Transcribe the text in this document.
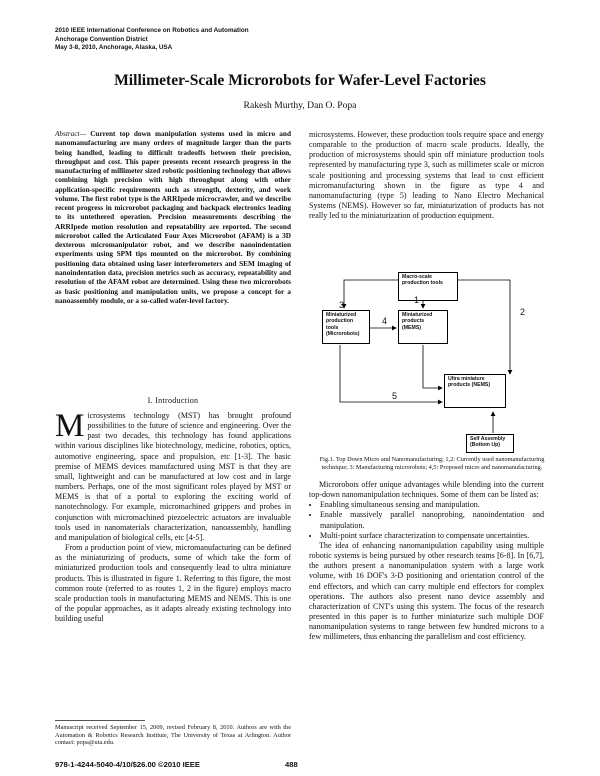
2010 IEEE International Conference on Robotics and Automation
Anchorage Convention District
May 3-8, 2010, Anchorage, Alaska, USA
Millimeter-Scale Microrobots for Wafer-Level Factories
Rakesh Murthy, Dan O. Popa
Abstract— Current top down manipulation systems used in micro and nanomanufacturing are many orders of magnitude larger than the parts being handled, leading to difficult tradeoffs between their precision, throughput and cost. This paper presents recent research progress in the manufacturing of millimeter sized robotic positioning technology that allows combining high precision with high throughput along with other application-specific requirements such as strength, dexterity, and work volume. The first robot type is the ARRIpede microcrawler, and we describe recent progress in microrobot packaging and backpack electronics leading to its untethered operation. Precision measurements describing the ARRIpede motion resolution and repeatability are reported. The second microrobot called the Articulated Four Axes Microrobot (AFAM) is a 3D dexterous micromanipulator robot, and we describe nanoindentation experiments using SPM tips mounted on the microrobot. By combining positioning data obtained using laser interferometers and SEM imaging of nanoindentation data, precision metrics such as accuracy, repeatability and resolution of the AFAM robot are determined. Using these two microrobots as basic positioning and manipulation units, we propose a concept for a nanoassembly module, or a so-called wafer-level factory.
I. Introduction

Microsystems technology (MST) has brought profound possibilities to the future of science and engineering. Over the past two decades, this technology has found applications within various disciplines like biotechnology, medicine, robotics, optics, automotive engineering, space and propulsion, etc [1-3]. The basic premise of MEMS devices manufactured using MST is that they are small, lightweight and can be manufactured at low cost and in large numbers. Perhaps, one of the most significant roles played by MST or MEMS is that of a portal to exploring the exciting world of nanotechnology. For example, micromachined grippers and probes in conjunction with micromachined piezoelectric actuators are invaluable tools used in nanomaterials characterization, nanoassembly, handling and manipulation of biological cells, etc [4-5].

From a production point of view, micromanufacturing can be defined as the miniaturizing of products, some of which take the form of miniaturized production tools and consequently lead to ultra miniature products. This is illustrated in figure 1. Referring to this figure, the most common route (referred to as routes 1, 2 in the figure) employs macro scale production tools in manufacturing MEMS and NEMS. This is one of the popular approaches, as it adapts already existing technology into building useful

Manuscript received September 15, 2009, revised February 8, 2010. Authors are with the Automation & Robotics Research Institute, The University of Texas at Arlington. Author contact: popa@uta.edu.

microsystems. However, these production tools require space and energy comparable to the production of macro scale products. Ideally, the production of microsystems should spin off miniature production tools represented by manufacturing type 3, such as millimeter scale or micron scale positioning and processing systems that lead to cost efficient micromanufacturing shown in the figure as type 4 and nanomanufacturing (type 5) leading to Nano Electro Mechanical Systems (NEMS). However so far, miniaturization of products has not really led to the miniaturization of production equipment.

Macro-scale production tools
Miniaturized production tools (Microrobots)
Miniaturized products (MEMS)
Ultra miniature products (NEMS)
Self Assembly (Bottom Up)
1
2
3
4
5
Fig.1. Top Down Micro and Nanomanufacturing; 1,2: Currently used nanomanufacturing technique; 3: Manufacturing microrobots; 4,5: Proposed micro and nanomanufacturing.

Microrobots offer unique advantages while blending into the current top-down nanomanipulation techniques. Some of them can be listed as:

• Enabling simultaneous sensing and manipulation.
• Enable massively parallel nanoprobing, nanoindentation and manipulation.
• Multi-point surface characterization to compensate uncertainties.

The idea of enhancing nanomanipulation capability using multiple robotic systems is being pursued by other research teams [6-8]. In [6,7], the authors present a nanomanipulation system with a large work volume, with 16 DOF's 3-D positioning and orientation control of the end effectors, and which can carry multiple end effectors for complex operations. The authors also present nano device assembly and characterization of CNT's using this system. The focus of the research presented in this paper is to further miniaturize such multiple DOF nanomanipulation systems to range between few hundred microns to a few millimeters, thus enhancing the parallelism and cost efficiency.

978-1-4244-5040-4/10/$26.00 ©2010 IEEE	488
